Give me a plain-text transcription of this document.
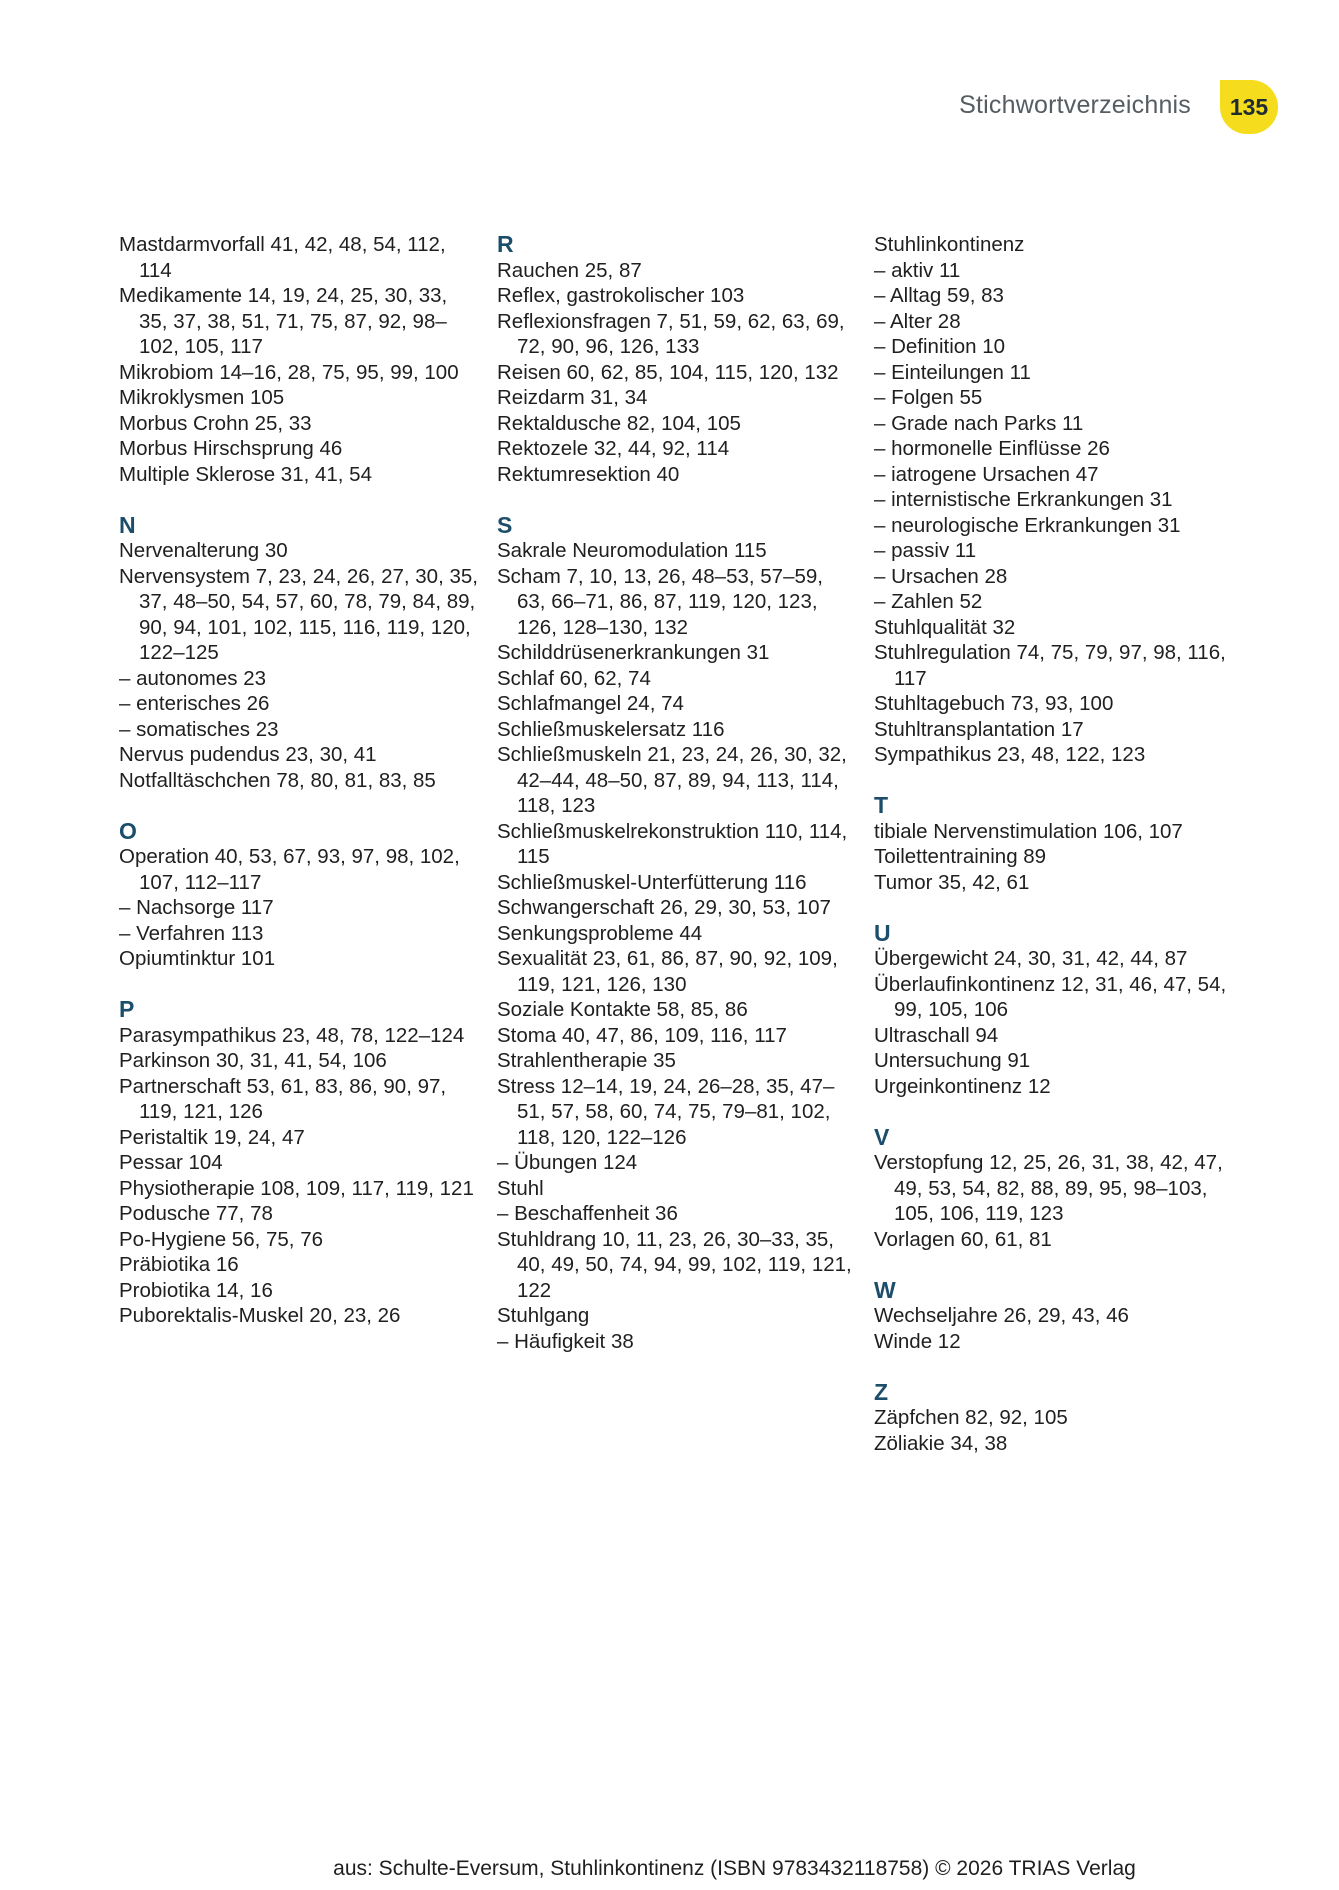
Stichwortverzeichnis	135
Mastdarmvorfall 41, 42, 48, 54, 112, 114
Medikamente 14, 19, 24, 25, 30, 33, 35, 37, 38, 51, 71, 75, 87, 92, 98–102, 105, 117
Mikrobiom 14–16, 28, 75, 95, 99, 100
Mikroklysmen 105
Morbus Crohn 25, 33
Morbus Hirschsprung 46
Multiple Sklerose 31, 41, 54
N
Nervenalterung 30
Nervensystem 7, 23, 24, 26, 27, 30, 35, 37, 48–50, 54, 57, 60, 78, 79, 84, 89, 90, 94, 101, 102, 115, 116, 119, 120, 122–125
– autonomes 23
– enterisches 26
– somatisches 23
Nervus pudendus 23, 30, 41
Notfalltäschchen 78, 80, 81, 83, 85
O
Operation 40, 53, 67, 93, 97, 98, 102, 107, 112–117
– Nachsorge 117
– Verfahren 113
Opiumtinktur 101
P
Parasympathikus 23, 48, 78, 122–124
Parkinson 30, 31, 41, 54, 106
Partnerschaft 53, 61, 83, 86, 90, 97, 119, 121, 126
Peristaltik 19, 24, 47
Pessar 104
Physiotherapie 108, 109, 117, 119, 121
Podusche 77, 78
Po-Hygiene 56, 75, 76
Präbiotika 16
Probiotika 14, 16
Puborektalis-Muskel 20, 23, 26
R
Rauchen 25, 87
Reflex, gastrokolischer 103
Reflexionsfragen 7, 51, 59, 62, 63, 69, 72, 90, 96, 126, 133
Reisen 60, 62, 85, 104, 115, 120, 132
Reizdarm 31, 34
Rektaldusche 82, 104, 105
Rektozele 32, 44, 92, 114
Rektumresektion 40
S
Sakrale Neuromodulation 115
Scham 7, 10, 13, 26, 48–53, 57–59, 63, 66–71, 86, 87, 119, 120, 123, 126, 128–130, 132
Schilddrüsenerkrankungen 31
Schlaf 60, 62, 74
Schlafmangel 24, 74
Schließmuskelersatz 116
Schließmuskeln 21, 23, 24, 26, 30, 32, 42–44, 48–50, 87, 89, 94, 113, 114, 118, 123
Schließmuskelrekonstruktion 110, 114, 115
Schließmuskel-Unterfütterung 116
Schwangerschaft 26, 29, 30, 53, 107
Senkungsprobleme 44
Sexualität 23, 61, 86, 87, 90, 92, 109, 119, 121, 126, 130
Soziale Kontakte 58, 85, 86
Stoma 40, 47, 86, 109, 116, 117
Strahlentherapie 35
Stress 12–14, 19, 24, 26–28, 35, 47–51, 57, 58, 60, 74, 75, 79–81, 102, 118, 120, 122–126
– Übungen 124
Stuhl
– Beschaffenheit 36
Stuhldrang 10, 11, 23, 26, 30–33, 35, 40, 49, 50, 74, 94, 99, 102, 119, 121, 122
Stuhlgang
– Häufigkeit 38
Stuhlinkontinenz
– aktiv 11
– Alltag 59, 83
– Alter 28
– Definition 10
– Einteilungen 11
– Folgen 55
– Grade nach Parks 11
– hormonelle Einflüsse 26
– iatrogene Ursachen 47
– internistische Erkrankungen 31
– neurologische Erkrankungen 31
– passiv 11
– Ursachen 28
– Zahlen 52
Stuhlqualität 32
Stuhlregulation 74, 75, 79, 97, 98, 116, 117
Stuhltagebuch 73, 93, 100
Stuhltransplantation 17
Sympathikus 23, 48, 122, 123
T
tibiale Nervenstimulation 106, 107
Toilettentraining 89
Tumor 35, 42, 61
U
Übergewicht 24, 30, 31, 42, 44, 87
Überlaufinkontinenz 12, 31, 46, 47, 54, 99, 105, 106
Ultraschall 94
Untersuchung 91
Urgeinkontinenz 12
V
Verstopfung 12, 25, 26, 31, 38, 42, 47, 49, 53, 54, 82, 88, 89, 95, 98–103, 105, 106, 119, 123
Vorlagen 60, 61, 81
W
Wechseljahre 26, 29, 43, 46
Winde 12
Z
Zäpfchen 82, 92, 105
Zöliakie 34, 38
aus: Schulte-Eversum, Stuhlinkontinenz (ISBN 9783432118758) © 2026 TRIAS Verlag
